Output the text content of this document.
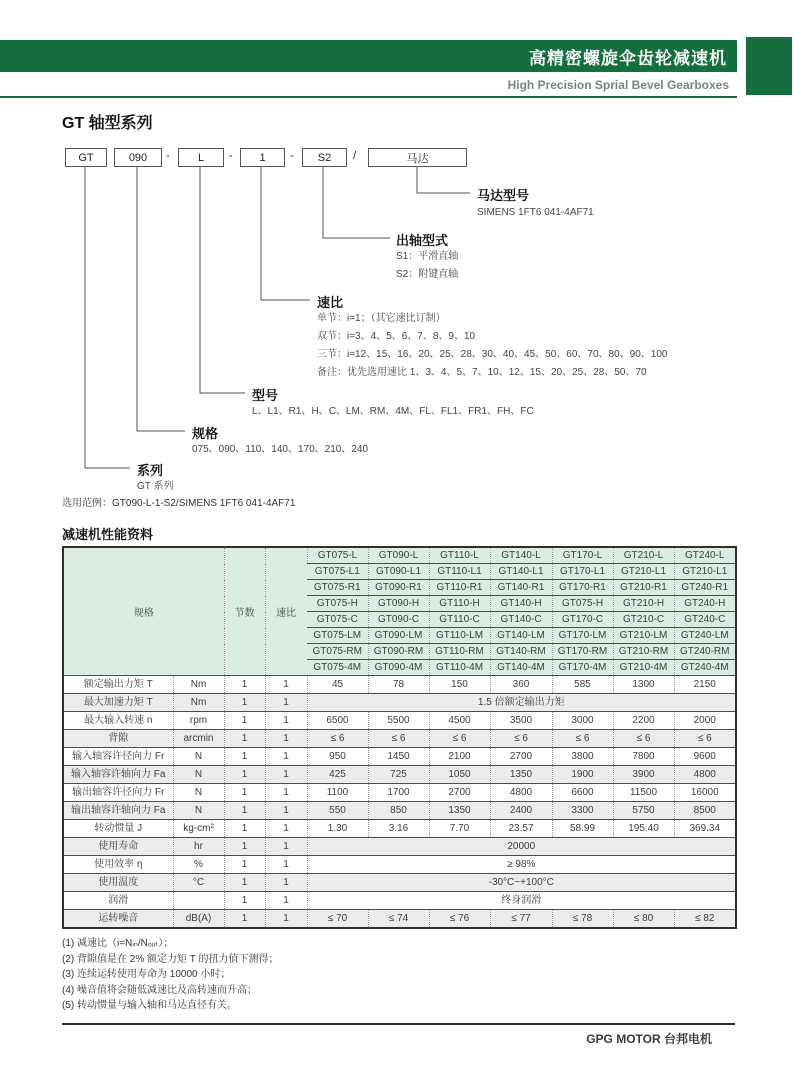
高精密螺旋伞齿轮减速机
High Precision Sprial Bevel Gearboxes
GT 轴型系列
GT	090	-	L	-	1	-	S2	/	马达
马达型号
SIMENS 1FT6 041-4AF71
出轴型式
S1：平滑直轴
S2：附键直轴
速比
单节：i=1；（其它速比订制）
双节：i=3、4、5、6、7、8、9、10
三节：i=12、15、16、20、25、28、30、40、45、50、60、70、80、90、100
备注：优先选用速比 1、3、4、5、7、10、12、15、20、25、28、50、70
型号
L、L1、R1、H、C、LM、RM、4M、FL、FL1、FR1、FH、FC
规格
075、090、110、140、170、210、240
系列
GT 系列
选用范例：GT090-L-1-S2/SIMENS 1FT6 041-4AF71
减速机性能资料
规格		节数	速比	GT075-L	GT090-L	GT110-L	GT140-L	GT170-L	GT210-L	GT240-L
				GT075-L1	GT090-L1	GT110-L1	GT140-L1	GT170-L1	GT210-L1	GT210-L1
				GT075-R1	GT090-R1	GT110-R1	GT140-R1	GT170-R1	GT210-R1	GT240-R1
				GT075-H	GT090-H	GT110-H	GT140-H	GT075-H	GT210-H	GT240-H
				GT075-C	GT090-C	GT110-C	GT140-C	GT170-C	GT210-C	GT240-C
				GT075-LM	GT090-LM	GT110-LM	GT140-LM	GT170-LM	GT210-LM	GT240-LM
				GT075-RM	GT090-RM	GT110-RM	GT140-RM	GT170-RM	GT210-RM	GT240-RM
				GT075-4M	GT090-4M	GT110-4M	GT140-4M	GT170-4M	GT210-4M	GT240-4M
额定输出力矩 T	Nm	1	1	45	78	150	360	585	1300	2150
最大加速力矩 T	Nm	1	1	1.5 倍额定输出力矩						
最大输入转速 n	rpm	1	1	6500	5500	4500	3500	3000	2200	2000
背隙	arcmin	1	1	≤ 6	≤ 6	≤ 6	≤ 6	≤ 6	≤ 6	≤ 6
输入轴容许径向力 Fr	N	1	1	950	1450	2100	2700	3800	7800	9600
输入轴容许轴向力 Fa	N	1	1	425	725	1050	1350	1900	3900	4800
输出轴容许径向力 Fr	N	1	1	1100	1700	2700	4800	6600	11500	16000
输出轴容许轴向力 Fa	N	1	1	550	850	1350	2400	3300	5750	8500
转动惯量 J	kg-cm²	1	1	1.30	3.16	7.70	23.57	58.99	195.40	369.34
使用寿命	hr	1	1	20000						
使用效率 η	%	1	1	≥ 98%						
使用温度	°C	1	1	-30°C~+100°C						
润滑		1	1	终身润滑						
运转噪音	dB(A)	1	1	≤ 70	≤ 74	≤ 76	≤ 77	≤ 78	≤ 80	≤ 82
(1) 减速比（i=Nᵢₙ/Nₒᵤₜ）；
(2) 背隙值是在 2% 额定力矩 T 的扭力值下测得；
(3) 连续运转使用寿命为 10000 小时；
(4) 噪音值将会随低减速比及高转速而升高；
(5) 转动惯量与输入轴和马达直径有关。
GPG MOTOR 台邦电机
